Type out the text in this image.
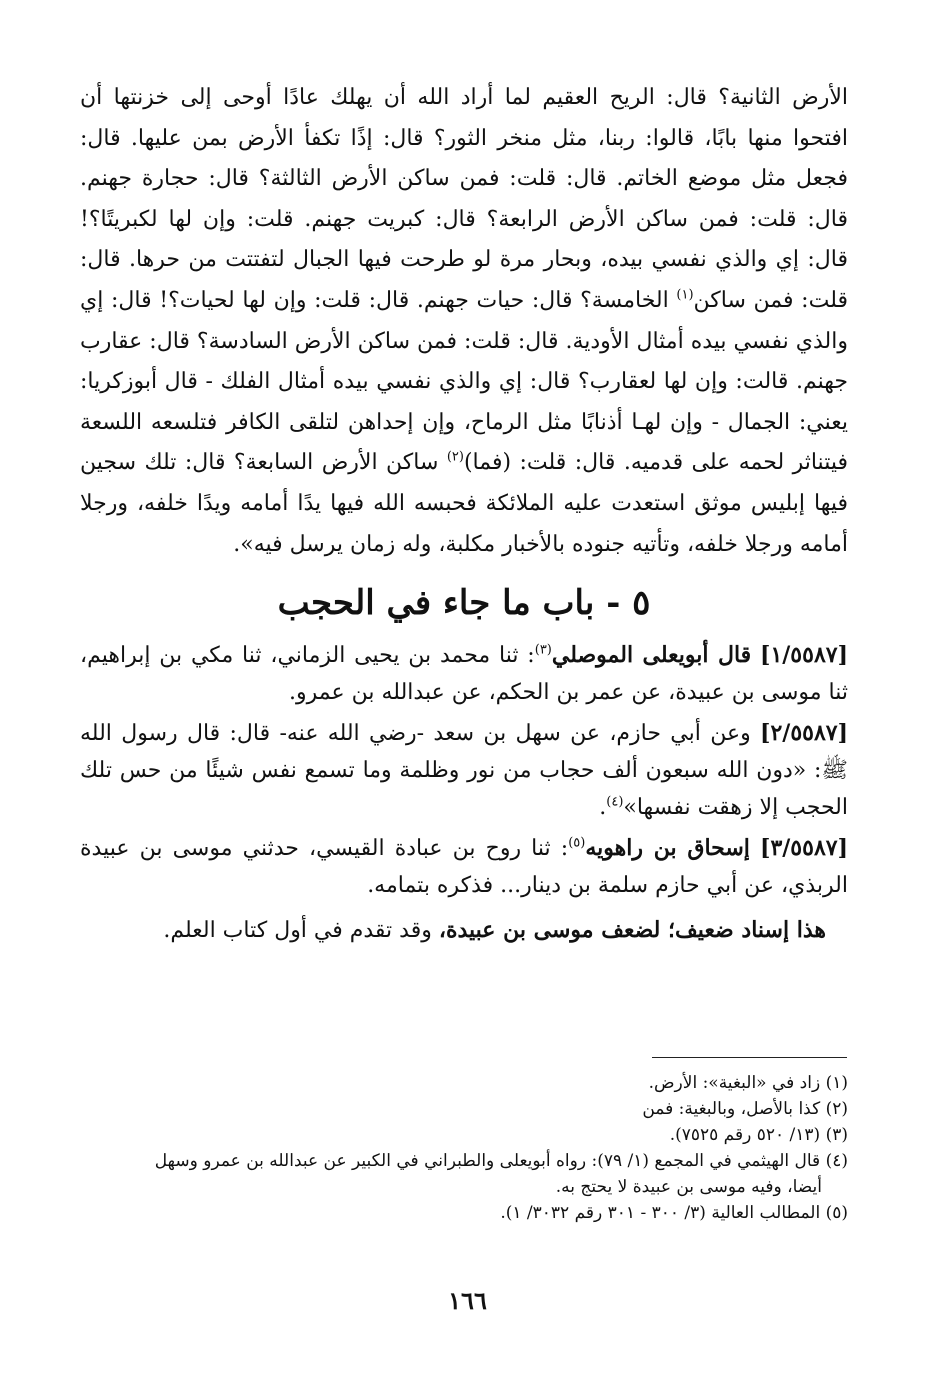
الأرض الثانية؟ قال: الريح العقيم لما أراد الله أن يهلك عادًا أوحى إلى خزنتها أن افتحوا منها بابًا، قالوا: ربنا، مثل منخر الثور؟ قال: إذًا تكفأ الأرض بمن عليها. قال: فجعل مثل موضع الخاتم. قال: قلت: فمن ساكن الأرض الثالثة؟ قال: حجارة جهنم. قال: قلت: فمن ساكن الأرض الرابعة؟ قال: كبريت جهنم. قلت: وإن لها لكبريتًا؟! قال: إي والذي نفسي بيده، وبحار مرة لو طرحت فيها الجبال لتفتتت من حرها. قال: قلت: فمن ساكن$^{(١)}$ الخامسة؟ قال: حيات جهنم. قال: قلت: وإن لها لحيات؟! قال: إي والذي نفسي بيده أمثال الأودية. قال: قلت: فمن ساكن الأرض السادسة؟ قال: عقارب جهنم. قالت: وإن لها لعقارب؟ قال: إي والذي نفسي بيده أمثال الفلك - قال أبوزكريا: يعني: الجمال - وإن لهـا أذنابًا مثل الرماح، وإن إحداهن لتلقى الكافر فتلسعه اللسعة فيتناثر لحمه على قدميه. قال: قلت: (فما)$^{(٢)}$ ساكن الأرض السابعة؟ قال: تلك سجين فيها إبليس موثق استعدت عليه الملائكة فحبسه الله فيها يدًا أمامه ويدًا خلفه، ورجلا أمامه ورجلا خلفه، وتأتيه جنوده بالأخبار مكلبة، وله زمان يرسل فيه».

٥ - باب ما جاء في الحجب

[١/٥٥٨٧] قال أبويعلى الموصلي$^{(٣)}$: ثنا محمد بن يحيى الزماني، ثنا مكي بن إبراهيم، ثنا موسى بن عبيدة، عن عمر بن الحكم، عن عبدالله بن عمرو.

[٢/٥٥٨٧] وعن أبي حازم، عن سهل بن سعد -رضي الله عنه- قال: قال رسول الله ﷺ: «دون الله سبعون ألف حجاب من نور وظلمة وما تسمع نفس شيئًا من حس تلك الحجب إلا زهقت نفسها»$^{(٤)}$.

[٣/٥٥٨٧] إسحاق بن راهويه$^{(٥)}$: ثنا روح بن عبادة القيسي، حدثني موسى بن عبيدة الربذي، عن أبي حازم سلمة بن دينار... فذكره بتمامه.

هذا إسناد ضعيف؛ لضعف موسى بن عبيدة، وقد تقدم في أول كتاب العلم.

(١) زاد في «البغية»: الأرض.

(٢) كذا بالأصل، وبالبغية: فمن

(٣) (١٣/ ٥٢٠ رقم ٧٥٢٥).

(٤) قال الهيثمي في المجمع (١/ ٧٩): رواه أبويعلى والطبراني في الكبير عن عبدالله بن عمرو وسهل

أيضا، وفيه موسى بن عبيدة لا يحتج به.

(٥) المطالب العالية (٣/ ٣٠٠ - ٣٠١ رقم ٣٠٣٢/ ١).

١٦٦
